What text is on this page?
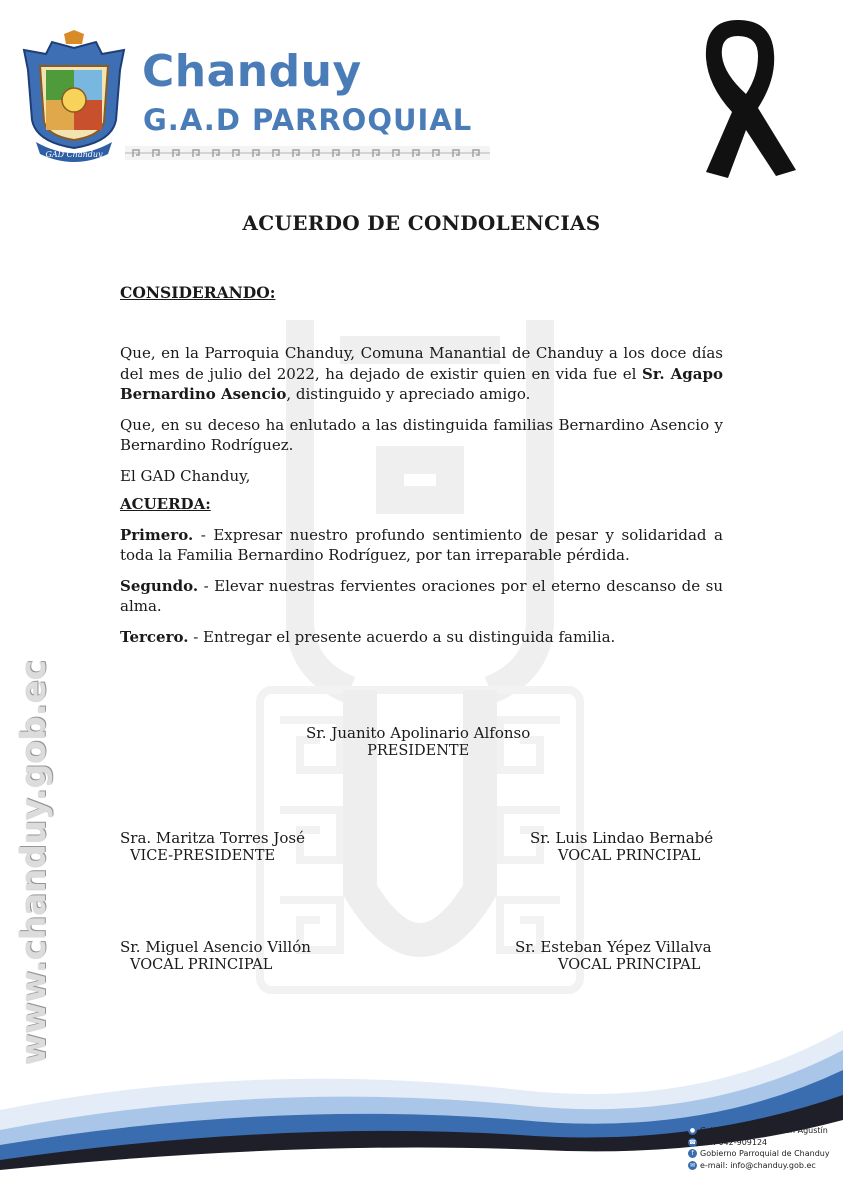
GAD Chanduy
Chanduy
G.A.D PARROQUIAL
ACUERDO DE CONDOLENCIAS
CONSIDERANDO:

Que, en la Parroquia Chanduy, Comuna Manantial de Chanduy a los doce días del mes de julio del 2022, ha dejado de existir quien en vida fue el Sr. Agapo Bernardino Asencio, distinguido y apreciado amigo.

Que, en su deceso ha enlutado a las distinguida familias Bernardino Asencio y Bernardino Rodríguez.

El GAD Chanduy,

ACUERDA:

Primero. - Expresar nuestro profundo sentimiento de pesar y solidaridad a toda la Familia Bernardino Rodríguez, por tan irreparable pérdida.

Segundo. - Elevar nuestras fervientes oraciones por el eterno descanso de su alma.

Tercero. - Entregar el presente acuerdo a su distinguida familia.

Sr. Juanito Apolinario Alfonso
PRESIDENTE
Sra. Maritza Torres José
VICE-PRESIDENTE
Sr. Luis Lindao Bernabé
VOCAL PRINCIPAL
Sr. Miguel Asencio Villón
VOCAL PRINCIPAL
Sr. Esteban Yépez Villalva
VOCAL PRINCIPAL
www.chanduy.gob.ec
● Calle Santa Elena y San Agustín
☎ Telf: 042-909124
f Gobierno Parroquial de Chanduy
✉ e-mail: info@chanduy.gob.ec
